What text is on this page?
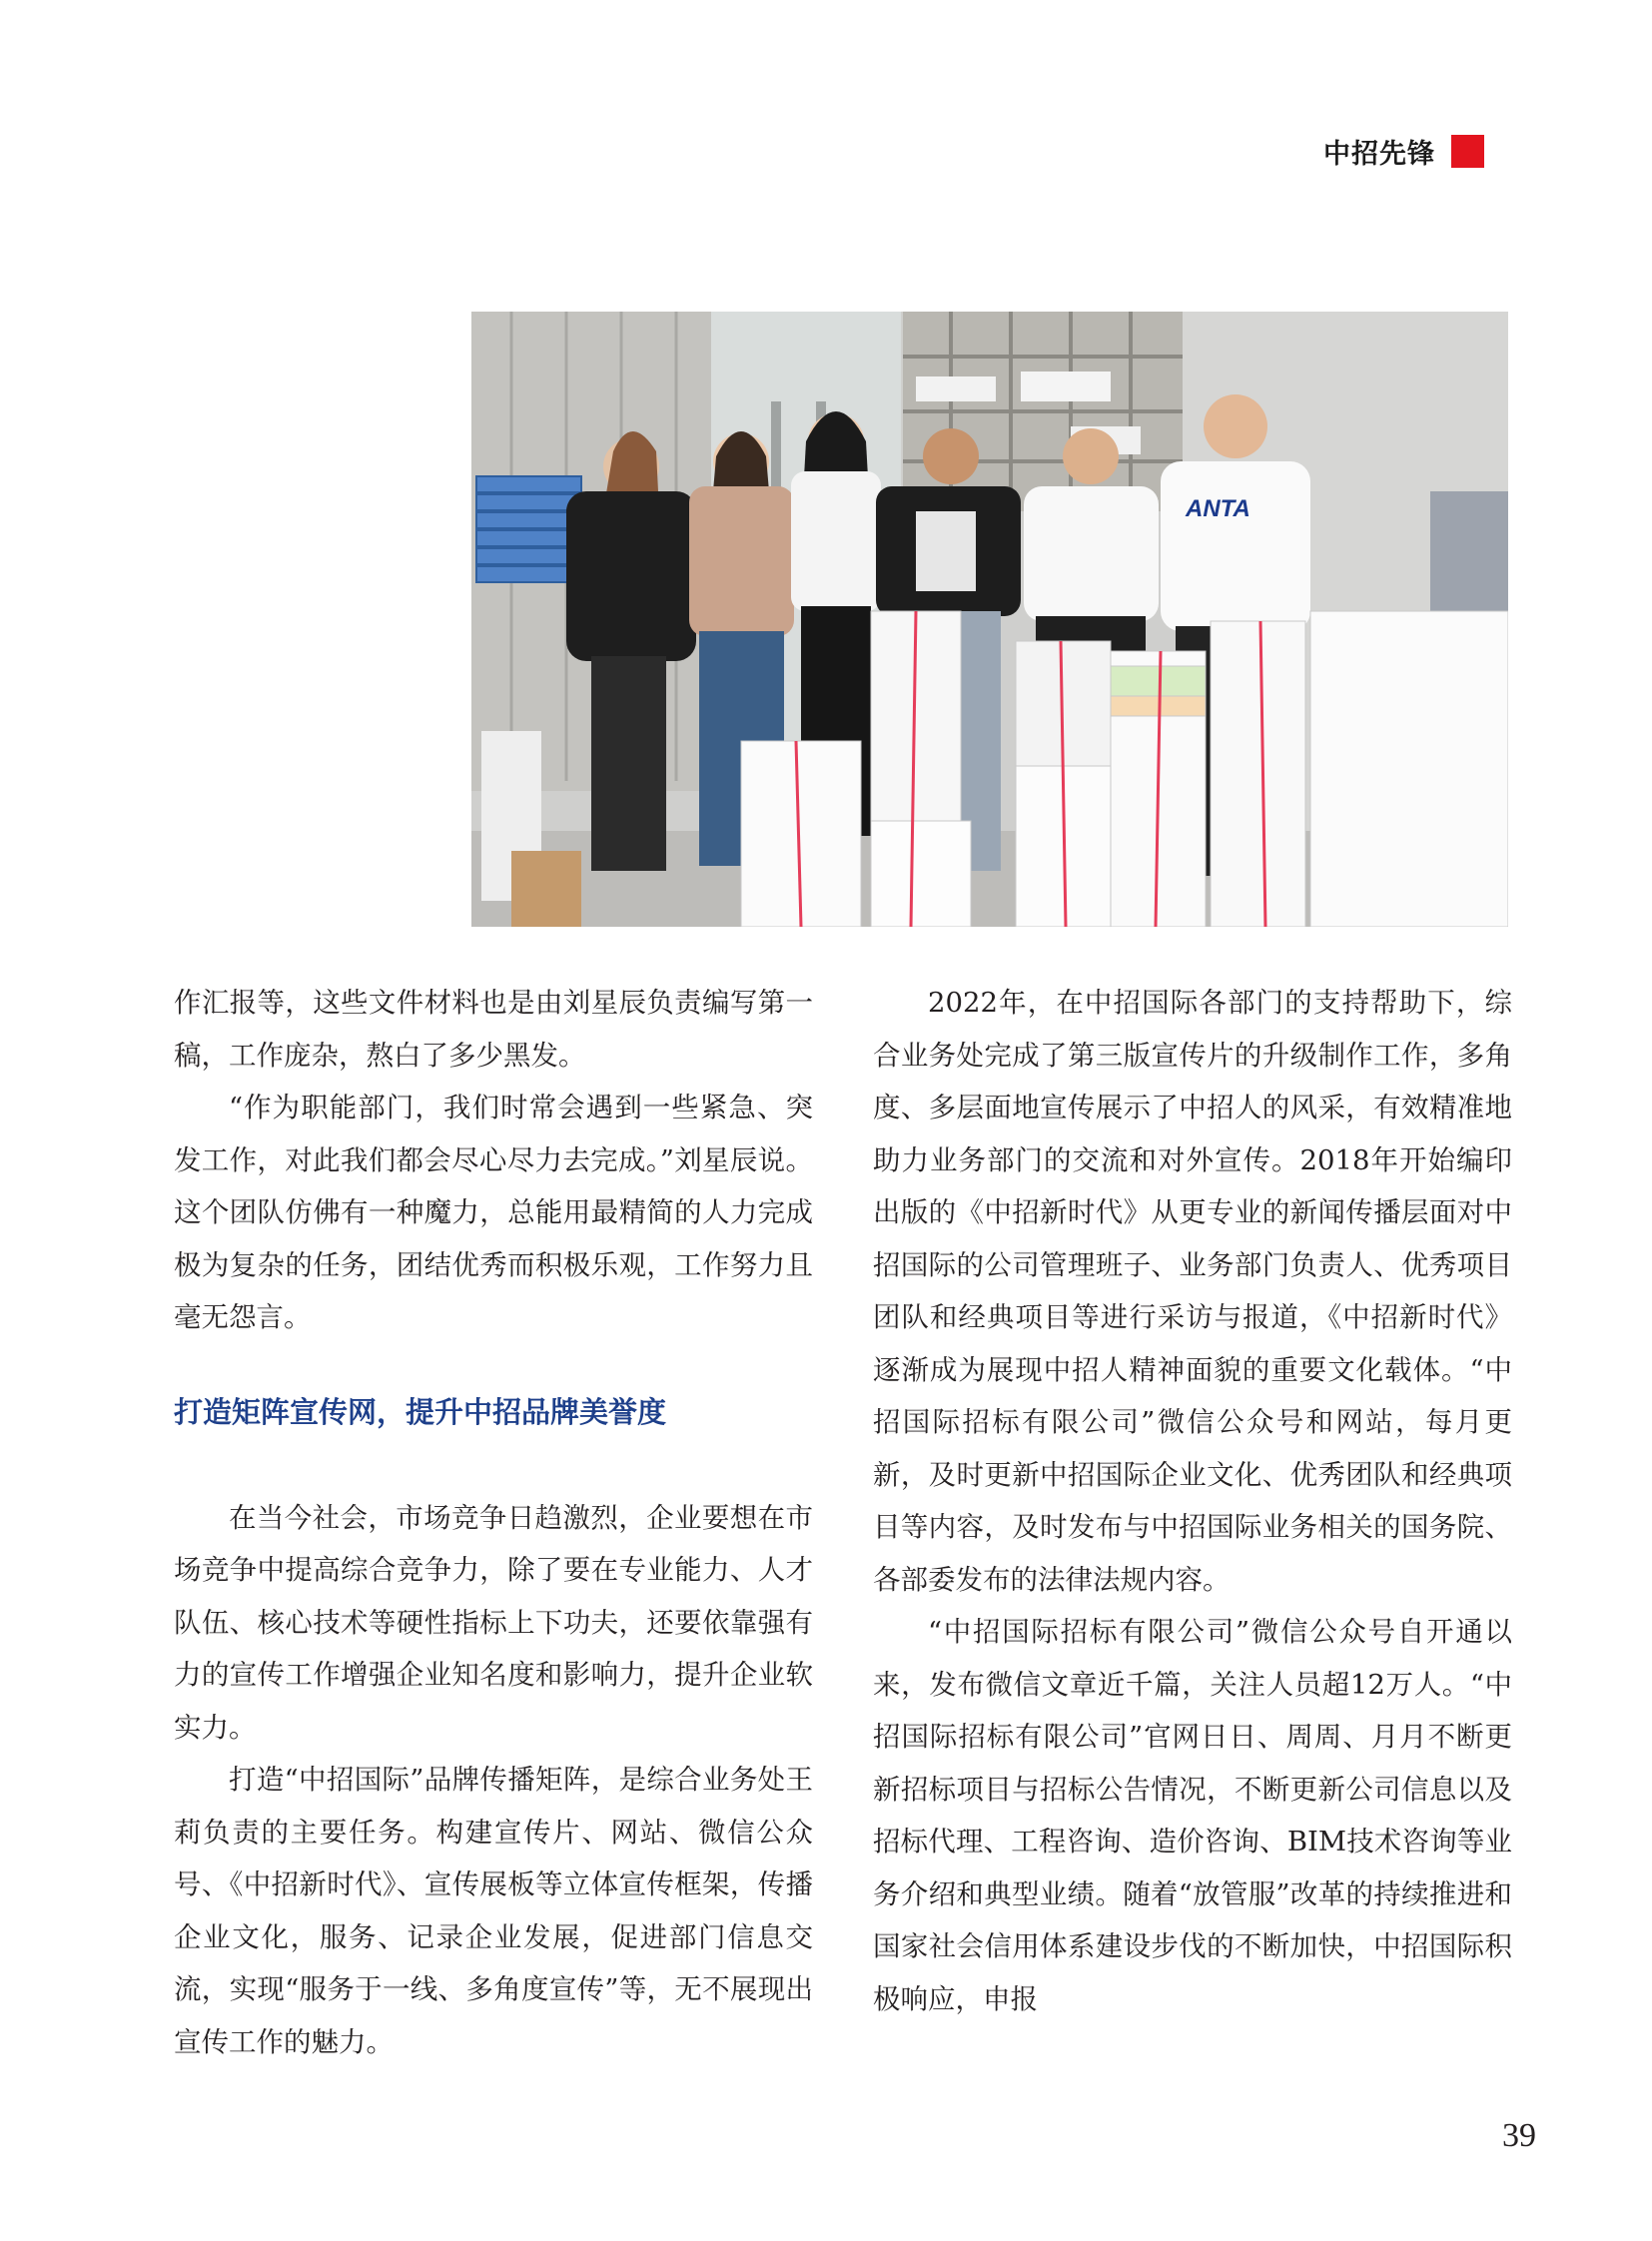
中招先锋
ANTA

作汇报等，这些文件材料也是由刘星辰负责编写第一稿，工作庞杂，熬白了多少黑发。

“作为职能部门，我们时常会遇到一些紧急、突发工作，对此我们都会尽心尽力去完成。”刘星辰说。这个团队仿佛有一种魔力，总能用最精简的人力完成极为复杂的任务，团结优秀而积极乐观，工作努力且毫无怨言。

打造矩阵宣传网，提升中招品牌美誉度

在当今社会，市场竞争日趋激烈，企业要想在市场竞争中提高综合竞争力，除了要在专业能力、人才队伍、核心技术等硬性指标上下功夫，还要依靠强有力的宣传工作增强企业知名度和影响力，提升企业软实力。

打造“中招国际”品牌传播矩阵，是综合业务处王莉负责的主要任务。构建宣传片、网站、微信公众号、《中招新时代》、宣传展板等立体宣传框架，传播企业文化，服务、记录企业发展，促进部门信息交流，实现“服务于一线、多角度宣传”等，无不展现出宣传工作的魅力。

2022年，在中招国际各部门的支持帮助下，综合业务处完成了第三版宣传片的升级制作工作，多角度、多层面地宣传展示了中招人的风采，有效精准地助力业务部门的交流和对外宣传。2018年开始编印出版的《中招新时代》从更专业的新闻传播层面对中招国际的公司管理班子、业务部门负责人、优秀项目团队和经典项目等进行采访与报道，《中招新时代》逐渐成为展现中招人精神面貌的重要文化载体。“中招国际招标有限公司”微信公众号和网站，每月更新，及时更新中招国际企业文化、优秀团队和经典项目等内容，及时发布与中招国际业务相关的国务院、各部委发布的法律法规内容。

“中招国际招标有限公司”微信公众号自开通以来，发布微信文章近千篇，关注人员超12万人。“中招国际招标有限公司”官网日日、周周、月月不断更新招标项目与招标公告情况，不断更新公司信息以及招标代理、工程咨询、造价咨询、BIM技术咨询等业务介绍和典型业绩。随着“放管服”改革的持续推进和国家社会信用体系建设步伐的不断加快，中招国际积极响应，申报

39
